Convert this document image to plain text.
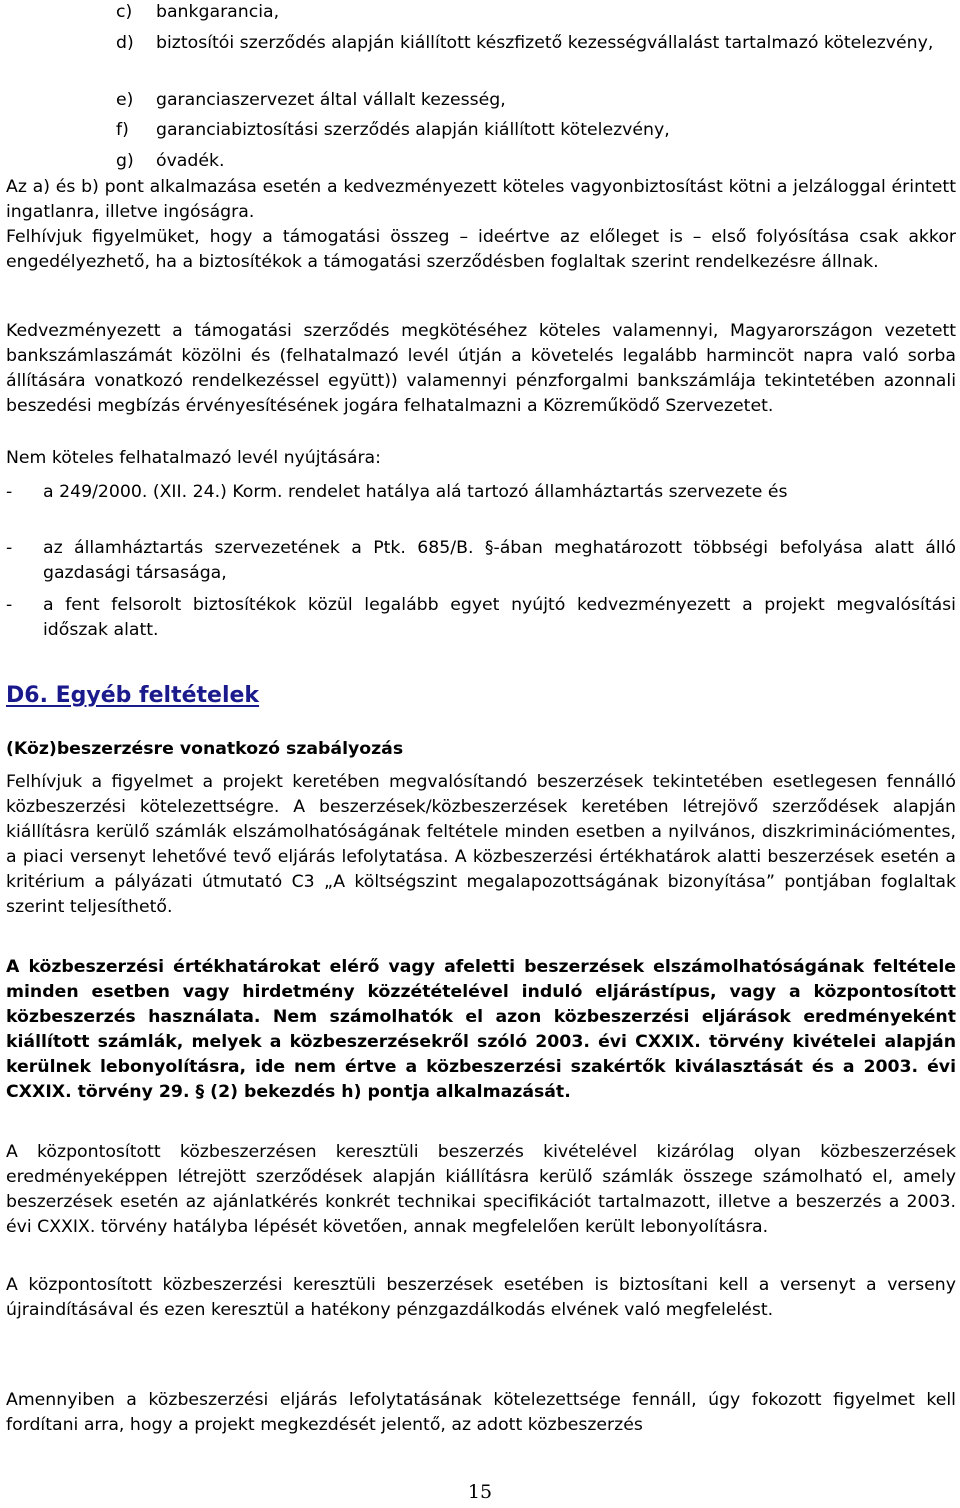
c) bankgarancia,
d) biztosítói szerződés alapján kiállított készfizető kezességvállalást tartalmazó kötelezvény,
e) garanciaszervezet által vállalt kezesség,
f) garanciabiztosítási szerződés alapján kiállított kötelezvény,
g) óvadék.
Az a) és b) pont alkalmazása esetén a kedvezményezett köteles vagyonbiztosítást kötni a jelzáloggal érintett ingatlanra, illetve ingóságra.
Felhívjuk figyelmüket, hogy a támogatási összeg – ideértve az előleget is – első folyósítása csak akkor engedélyezhető, ha a biztosítékok a támogatási szerződésben foglaltak szerint rendelkezésre állnak.
Kedvezményezett a támogatási szerződés megkötéséhez köteles valamennyi, Magyarországon vezetett bankszámlaszámát közölni és (felhatalmazó levél útján a követelés legalább harmincöt napra való sorba állítására vonatkozó rendelkezéssel együtt)) valamennyi pénzforgalmi bankszámlája tekintetében azonnali beszedési megbízás érvényesítésének jogára felhatalmazni a Közreműködő Szervezetet.
Nem köteles felhatalmazó levél nyújtására:
- a 249/2000. (XII. 24.) Korm. rendelet hatálya alá tartozó államháztartás szervezete és
- az államháztartás szervezetének a Ptk. 685/B. §-ában meghatározott többségi befolyása alatt álló gazdasági társasága,
- a fent felsorolt biztosítékok közül legalább egyet nyújtó kedvezményezett a projekt megvalósítási időszak alatt.
D6. Egyéb feltételek
(Köz)beszerzésre vonatkozó szabályozás
Felhívjuk a figyelmet a projekt keretében megvalósítandó beszerzések tekintetében esetlegesen fennálló közbeszerzési kötelezettségre. A beszerzések/közbeszerzések keretében létrejövő szerződések alapján kiállításra kerülő számlák elszámolhatóságának feltétele minden esetben a nyilvános, diszkriminációmentes, a piaci versenyt lehetővé tevő eljárás lefolytatása. A közbeszerzési értékhatárok alatti beszerzések esetén a kritérium a pályázati útmutató C3 „A költségszint megalapozottságának bizonyítása” pontjában foglaltak szerint teljesíthető.
A közbeszerzési értékhatárokat elérő vagy afeletti beszerzések elszámolhatóságának feltétele minden esetben vagy hirdetmény közzétételével induló eljárástípus, vagy a központosított közbeszerzés használata. Nem számolhatók el azon közbeszerzési eljárások eredményeként kiállított számlák, melyek a közbeszerzésekről szóló 2003. évi CXXIX. törvény kivételei alapján kerülnek lebonyolításra, ide nem értve a közbeszerzési szakértők kiválasztását és a 2003. évi CXXIX. törvény 29. § (2) bekezdés h) pontja alkalmazását.
A központosított közbeszerzésen keresztüli beszerzés kivételével kizárólag olyan közbeszerzések eredményeképpen létrejött szerződések alapján kiállításra kerülő számlák összege számolható el, amely beszerzések esetén az ajánlatkérés konkrét technikai specifikációt tartalmazott, illetve a beszerzés a 2003. évi CXXIX. törvény hatályba lépését követően, annak megfelelően került lebonyolításra.
A központosított közbeszerzési keresztüli beszerzések esetében is biztosítani kell a versenyt a verseny újraindításával és ezen keresztül a hatékony pénzgazdálkodás elvének való megfelelést.
Amennyiben a közbeszerzési eljárás lefolytatásának kötelezettsége fennáll, úgy fokozott figyelmet kell fordítani arra, hogy a projekt megkezdését jelentő, az adott közbeszerzés
15
